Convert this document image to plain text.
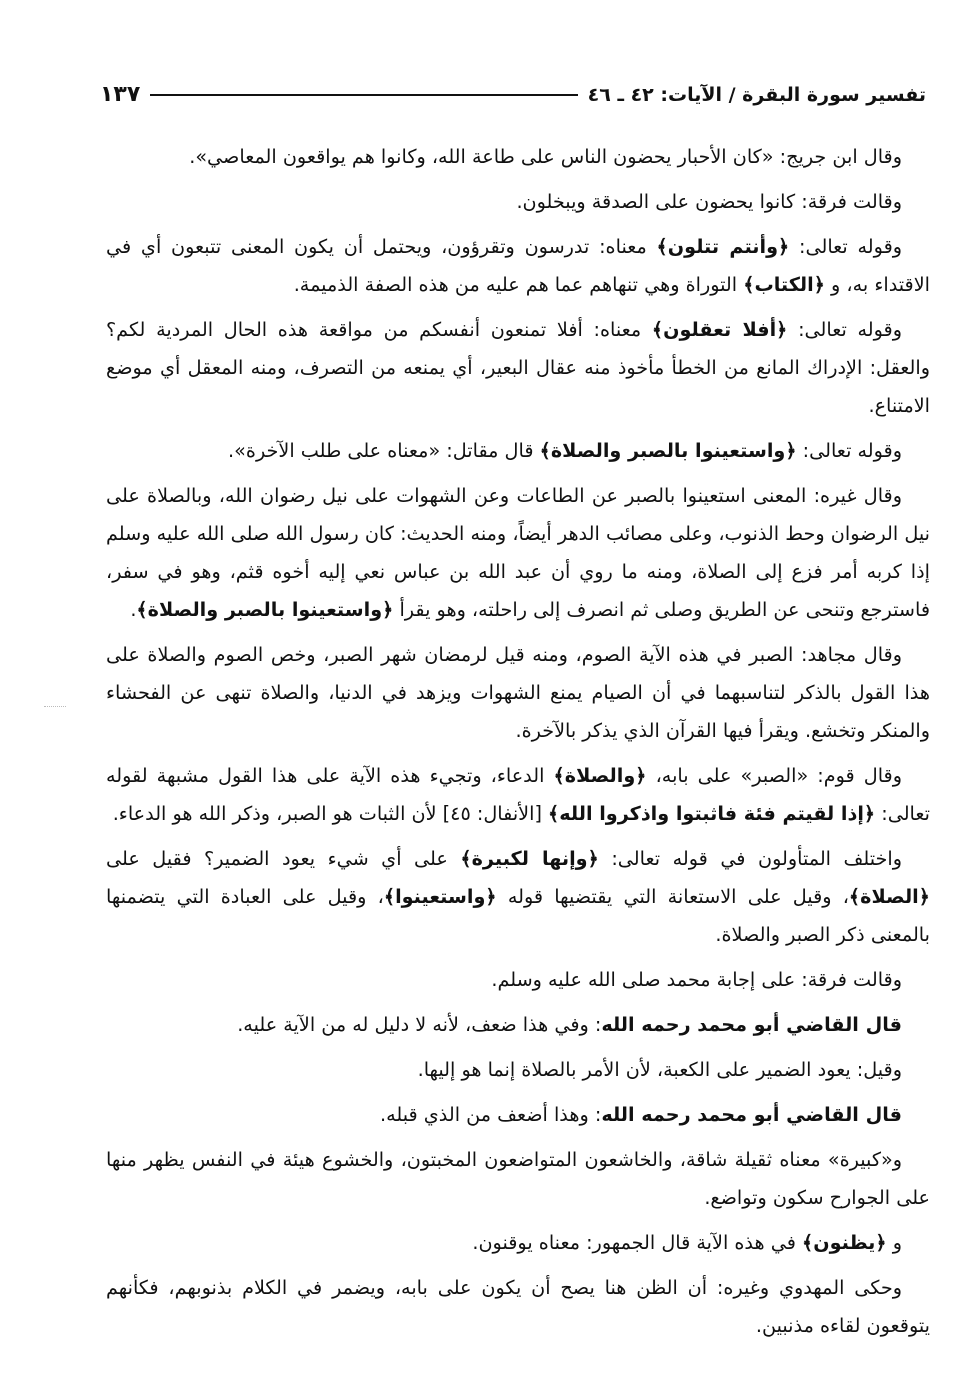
تفسير سورة البقرة / الآيات: ٤٢ ـ ٤٦
١٣٧

وقال ابن جريج: «كان الأحبار يحضون الناس على طاعة الله، وكانوا هم يواقعون المعاصي».

وقالت فرقة: كانوا يحضون على الصدقة ويبخلون.

وقوله تعالى: ﴿وأنتم تتلون﴾ معناه: تدرسون وتقرؤون، ويحتمل أن يكون المعنى تتبعون أي في الاقتداء به، و ﴿الكتاب﴾ التوراة وهي تنهاهم عما هم عليه من هذه الصفة الذميمة.

وقوله تعالى: ﴿أفلا تعقلون﴾ معناه: أفلا تمنعون أنفسكم من مواقعة هذه الحال المردية لكم؟ والعقل: الإدراك المانع من الخطأ مأخوذ منه عقال البعير، أي يمنعه من التصرف، ومنه المعقل أي موضع الامتناع.

وقوله تعالى: ﴿واستعينوا بالصبر والصلاة﴾ قال مقاتل: «معناه على طلب الآخرة».

وقال غيره: المعنى استعينوا بالصبر عن الطاعات وعن الشهوات على نيل رضوان الله، وبالصلاة على نيل الرضوان وحط الذنوب، وعلى مصائب الدهر أيضاً، ومنه الحديث: كان رسول الله صلى الله عليه وسلم إذا كربه أمر فزع إلى الصلاة، ومنه ما روي أن عبد الله بن عباس نعي إليه أخوه قثم، وهو في سفر، فاسترجع وتنحى عن الطريق وصلى ثم انصرف إلى راحلته، وهو يقرأ ﴿واستعينوا بالصبر والصلاة﴾.

وقال مجاهد: الصبر في هذه الآية الصوم، ومنه قيل لرمضان شهر الصبر، وخص الصوم والصلاة على هذا القول بالذكر لتناسبهما في أن الصيام يمنع الشهوات ويزهد في الدنيا، والصلاة تنهى عن الفحشاء والمنكر وتخشع. ويقرأ فيها القرآن الذي يذكر بالآخرة.

وقال قوم: «الصبر» على بابه، ﴿والصلاة﴾ الدعاء، وتجيء هذه الآية على هذا القول مشبهة لقوله تعالى: ﴿إذا لقيتم فئة فاثبتوا واذكروا الله﴾ [الأنفال: ٤٥] لأن الثبات هو الصبر، وذكر الله هو الدعاء.

واختلف المتأولون في قوله تعالى: ﴿وإنها لكبيرة﴾ على أي شيء يعود الضمير؟ فقيل على ﴿الصلاة﴾، وقيل على الاستعانة التي يقتضيها قوله ﴿واستعينوا﴾، وقيل على العبادة التي يتضمنها بالمعنى ذكر الصبر والصلاة.

وقالت فرقة: على إجابة محمد صلى الله عليه وسلم.

قال القاضي أبو محمد رحمه الله: وفي هذا ضعف، لأنه لا دليل له من الآية عليه.

وقيل: يعود الضمير على الكعبة، لأن الأمر بالصلاة إنما هو إليها.

قال القاضي أبو محمد رحمه الله: وهذا أضعف من الذي قبله.

و«كبيرة» معناه ثقيلة شاقة، والخاشعون المتواضعون المخبتون، والخشوع هيئة في النفس يظهر منها على الجوارح سكون وتواضع.

و ﴿يظنون﴾ في هذه الآية قال الجمهور: معناه يوقنون.

وحكى المهدوي وغيره: أن الظن هنا يصح أن يكون على بابه، ويضمر في الكلام بذنوبهم، فكأنهم يتوقعون لقاءه مذنبين.
